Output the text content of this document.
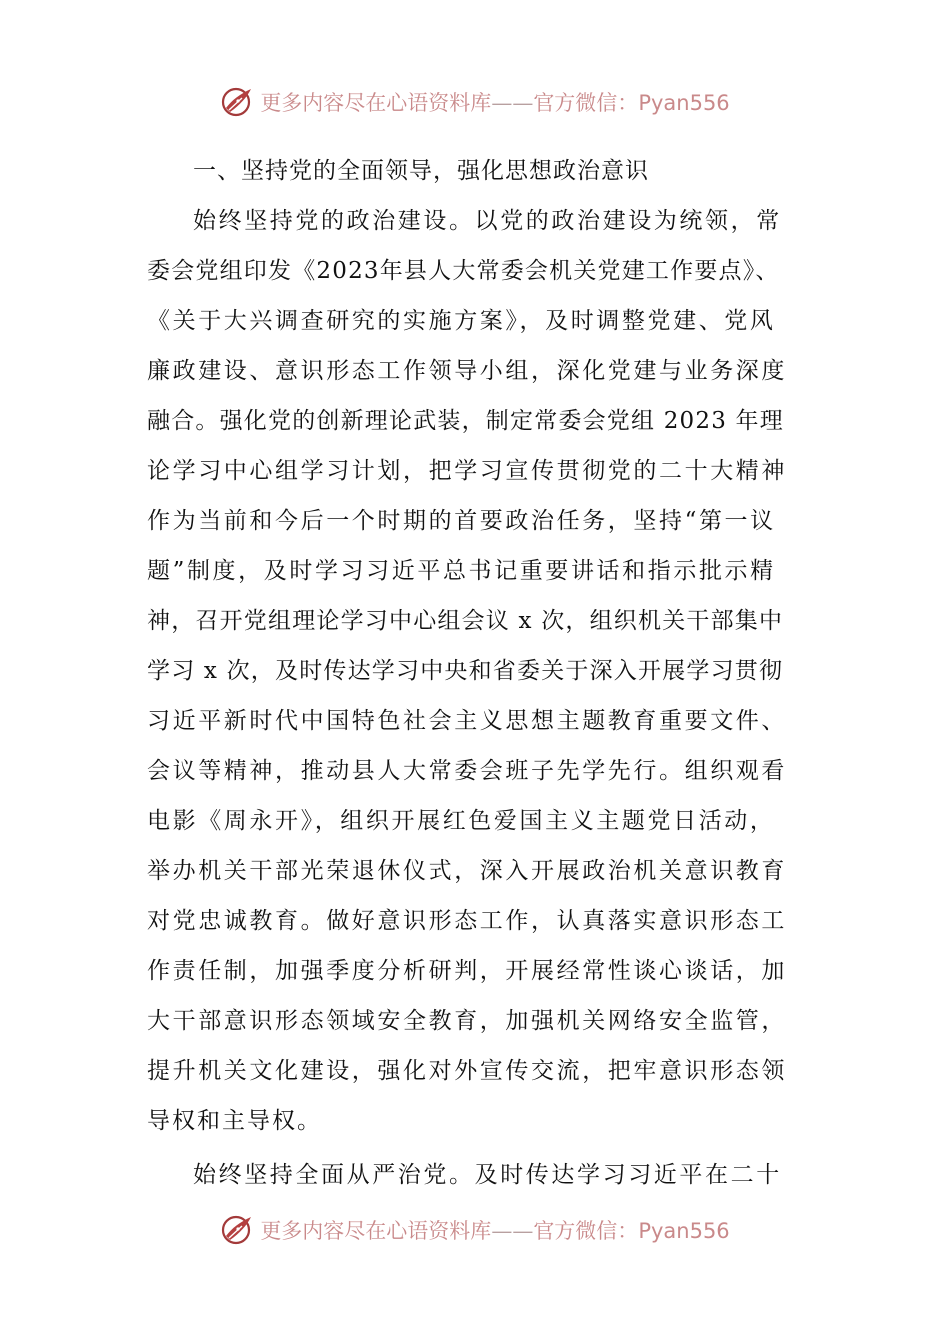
更多内容尽在心语资料库——官方微信：Pyan556
一、坚持党的全面领导，强化思想政治意识
始终坚持党的政治建设。以党的政治建设为统领，常
委会党组印发《2023年县人大常委会机关党建工作要点》、
《关于大兴调查研究的实施方案》，及时调整党建、党风
廉政建设、意识形态工作领导小组，深化党建与业务深度
融合。强化党的创新理论武装，制定常委会党组 2023 年理
论学习中心组学习计划，把学习宣传贯彻党的二十大精神
作为当前和今后一个时期的首要政治任务，坚持“第一议
题”制度，及时学习习近平总书记重要讲话和指示批示精
神，召开党组理论学习中心组会议 x 次，组织机关干部集中
学习 x 次，及时传达学习中央和省委关于深入开展学习贯彻
习近平新时代中国特色社会主义思想主题教育重要文件、
会议等精神，推动县人大常委会班子先学先行。组织观看
电影《周永开》，组织开展红色爱国主义主题党日活动，
举办机关干部光荣退休仪式，深入开展政治机关意识教育
对党忠诚教育。做好意识形态工作，认真落实意识形态工
作责任制，加强季度分析研判，开展经常性谈心谈话，加
大干部意识形态领域安全教育，加强机关网络安全监管，
提升机关文化建设，强化对外宣传交流，把牢意识形态领
导权和主导权。
始终坚持全面从严治党。及时传达学习习近平在二十
更多内容尽在心语资料库——官方微信：Pyan556
